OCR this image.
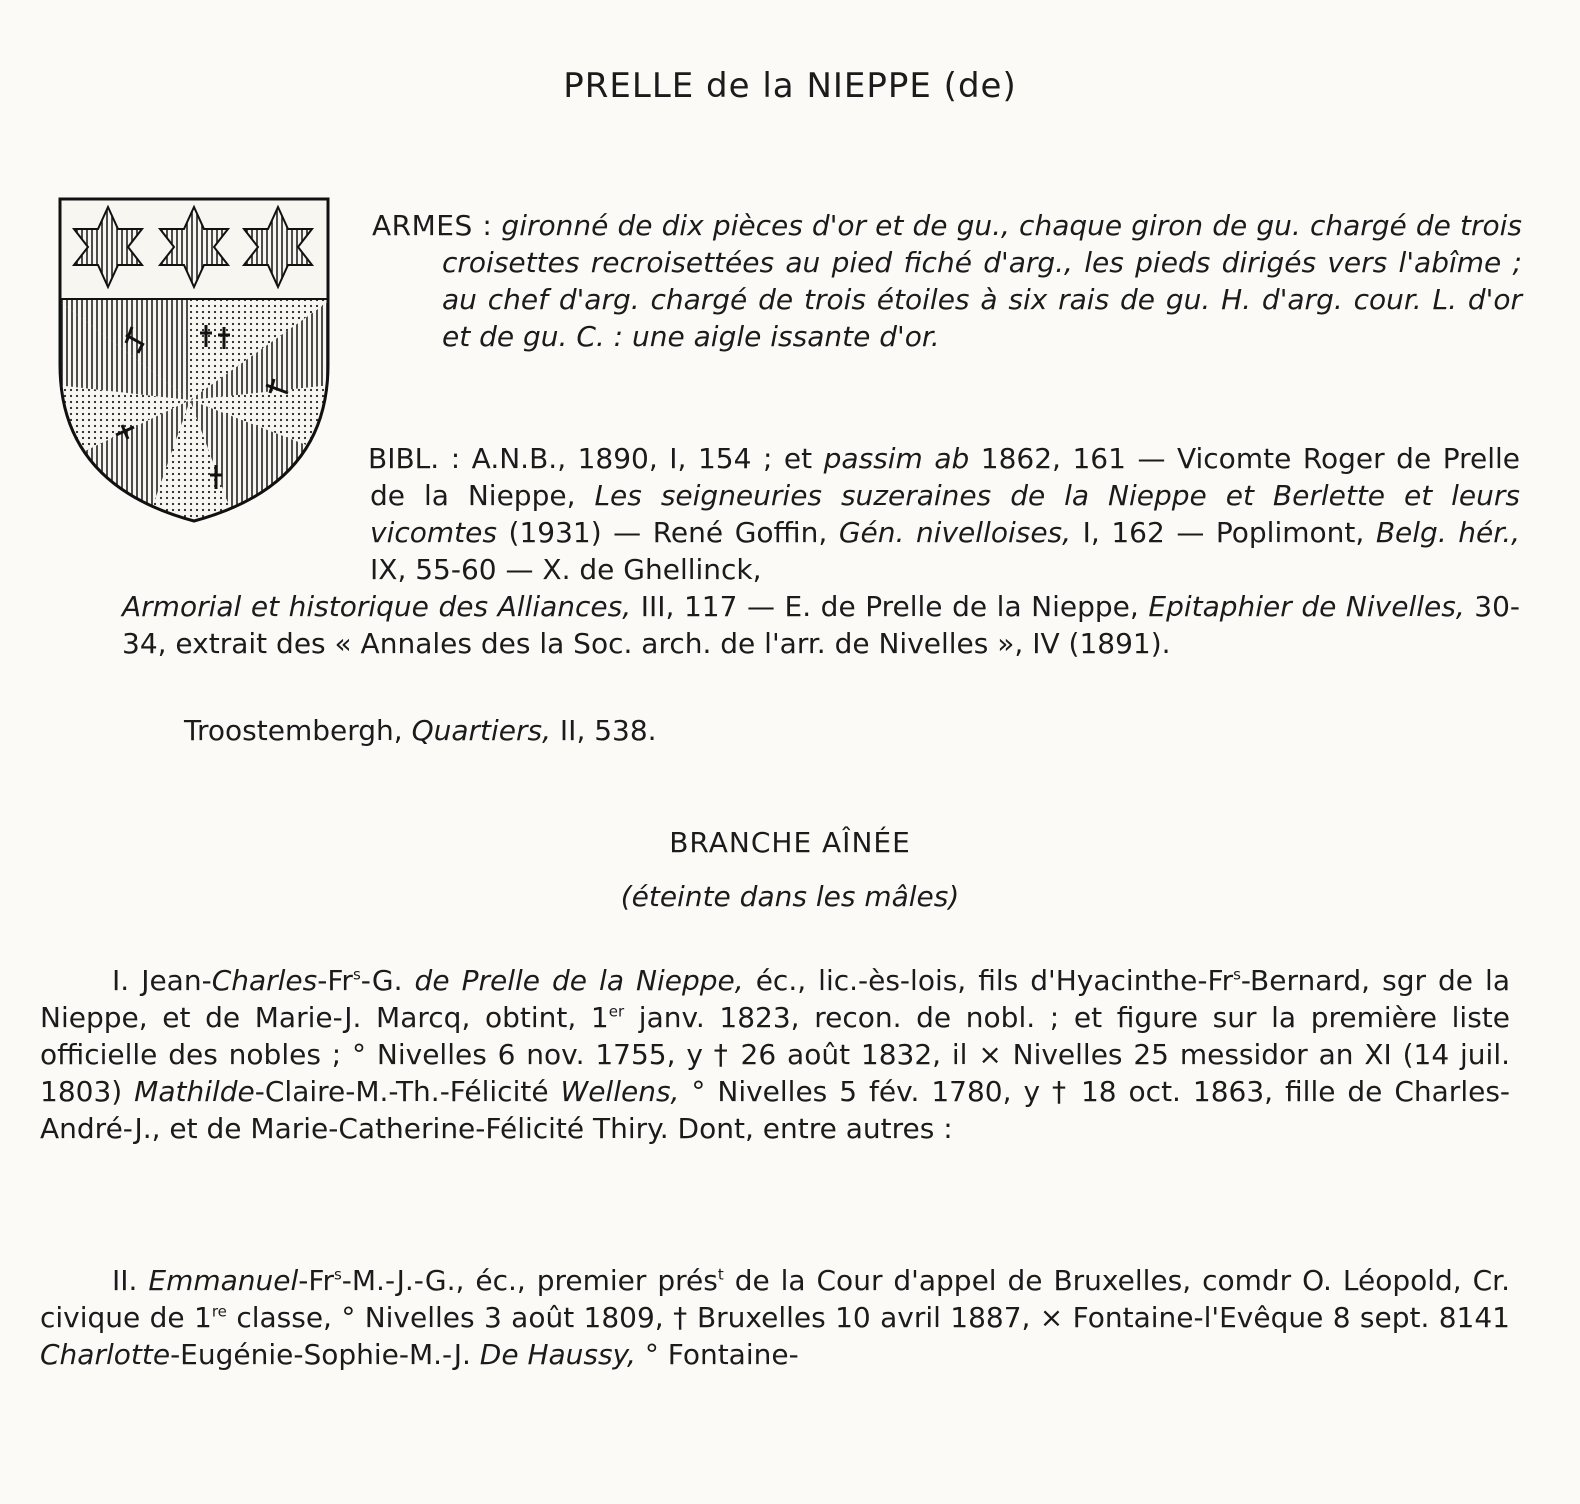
PRELLE de la NIEPPE (de)
ARMES : gironné de dix pièces d'or et de gu., chaque giron de gu. chargé de trois croisettes recroisettées au pied fiché d'arg., les pieds dirigés vers l'abîme ; au chef d'arg. chargé de trois étoiles à six rais de gu. H. d'arg. cour. L. d'or et de gu. C. : une aigle issante d'or.
BIBL. : A.N.B., 1890, I, 154 ; et passim ab 1862, 161 — Vicomte Roger de Prelle de la Nieppe, Les seigneuries suzeraines de la Nieppe et Berlette et leurs vicomtes (1931) — René Goffin, Gén. nivelloises, I, 162 — Poplimont, Belg. hér., IX, 55-60 — X. de Ghellinck,
Armorial et historique des Alliances, III, 117 — E. de Prelle de la Nieppe, Epitaphier de Nivelles, 30-34, extrait des « Annales des la Soc. arch. de l'arr. de Nivelles », IV (1891).
Troostembergh, Quartiers, II, 538.
BRANCHE AÎNÉE
(éteinte dans les mâles)
I. Jean-Charles-Fr$^s$-G. de Prelle de la Nieppe, éc., lic.-ès-lois, fils d'Hyacinthe-Fr$^s$-Bernard, sgr de la Nieppe, et de Marie-J. Marcq, obtint, 1er janv. 1823, recon. de nobl. ; et figure sur la première liste officielle des nobles ; ° Nivelles 6 nov. 1755, y † 26 août 1832, il × Nivelles 25 messidor an XI (14 juil. 1803) Mathilde-Claire-M.-Th.-Félicité Wellens, ° Nivelles 5 fév. 1780, y † 18 oct. 1863, fille de Charles-André-J., et de Marie-Catherine-Félicité Thiry. Dont, entre autres :
II. Emmanuel-Fr$^s$-M.-J.-G., éc., premier prés$^t$ de la Cour d'appel de Bruxelles, comdr O. Léopold, Cr. civique de 1re classe, ° Nivelles 3 août 1809, † Bruxelles 10 avril 1887, × Fontaine-l'Evêque 8 sept. 8141 Charlotte-Eugénie-Sophie-M.-J. De Haussy, ° Fontaine-
